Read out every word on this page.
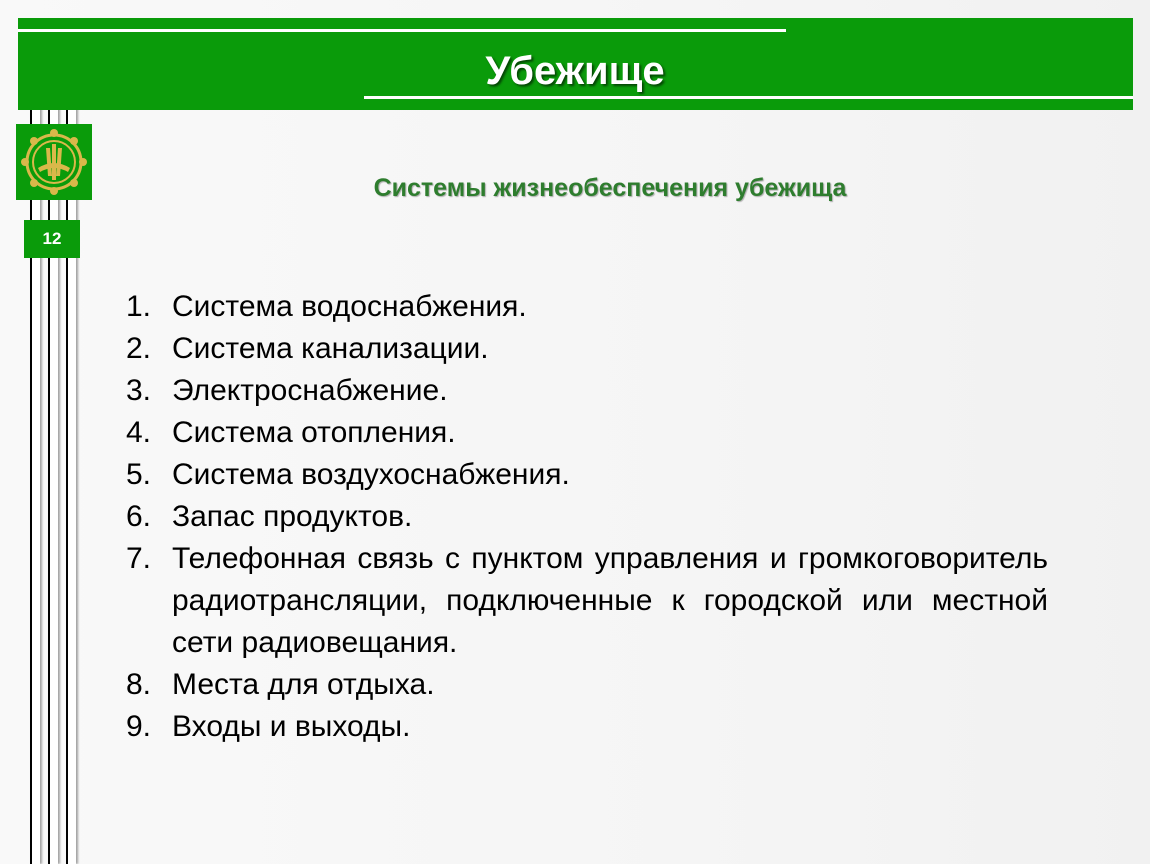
Убежище
12
Системы жизнеобеспечения убежища
1. Система водоснабжения.
2. Система канализации.
3. Электроснабжение.
4. Система отопления.
5. Система воздухоснабжения.
6. Запас продуктов.
7. Телефонная связь с пунктом управления и громкоговоритель радиотрансляции, подключенные к городской или местной сети радиовещания.
8. Места для отдыха.
9. Входы и выходы.
